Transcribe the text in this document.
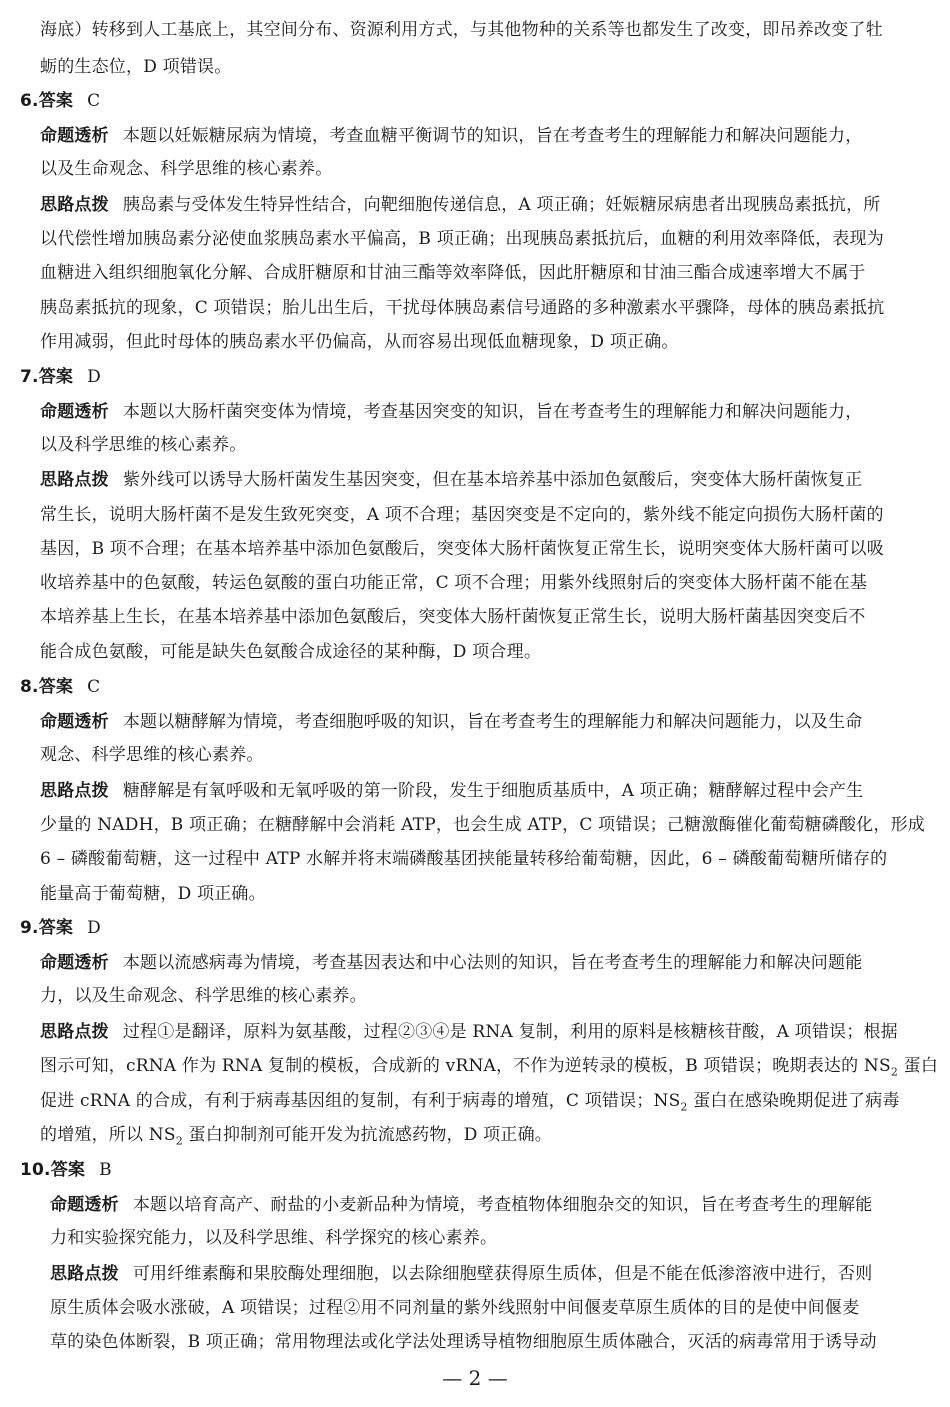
海底）转移到人工基底上，其空间分布、资源利用方式，与其他物种的关系等也都发生了改变，即吊养改变了牡
蛎的生态位，D 项错误。
6.答案 C
命题透析 本题以妊娠糖尿病为情境，考查血糖平衡调节的知识，旨在考查考生的理解能力和解决问题能力，
以及生命观念、科学思维的核心素养。
思路点拨 胰岛素与受体发生特异性结合，向靶细胞传递信息，A 项正确；妊娠糖尿病患者出现胰岛素抵抗，所
以代偿性增加胰岛素分泌使血浆胰岛素水平偏高，B 项正确；出现胰岛素抵抗后，血糖的利用效率降低，表现为
血糖进入组织细胞氧化分解、合成肝糖原和甘油三酯等效率降低，因此肝糖原和甘油三酯合成速率增大不属于
胰岛素抵抗的现象，C 项错误；胎儿出生后，干扰母体胰岛素信号通路的多种激素水平骤降，母体的胰岛素抵抗
作用减弱，但此时母体的胰岛素水平仍偏高，从而容易出现低血糖现象，D 项正确。
7.答案 D
命题透析 本题以大肠杆菌突变体为情境，考查基因突变的知识，旨在考查考生的理解能力和解决问题能力，
以及科学思维的核心素养。
思路点拨 紫外线可以诱导大肠杆菌发生基因突变，但在基本培养基中添加色氨酸后，突变体大肠杆菌恢复正
常生长，说明大肠杆菌不是发生致死突变，A 项不合理；基因突变是不定向的，紫外线不能定向损伤大肠杆菌的
基因，B 项不合理；在基本培养基中添加色氨酸后，突变体大肠杆菌恢复正常生长，说明突变体大肠杆菌可以吸
收培养基中的色氨酸，转运色氨酸的蛋白功能正常，C 项不合理；用紫外线照射后的突变体大肠杆菌不能在基
本培养基上生长，在基本培养基中添加色氨酸后，突变体大肠杆菌恢复正常生长，说明大肠杆菌基因突变后不
能合成色氨酸，可能是缺失色氨酸合成途径的某种酶，D 项合理。
8.答案 C
命题透析 本题以糖酵解为情境，考查细胞呼吸的知识，旨在考查考生的理解能力和解决问题能力，以及生命
观念、科学思维的核心素养。
思路点拨 糖酵解是有氧呼吸和无氧呼吸的第一阶段，发生于细胞质基质中，A 项正确；糖酵解过程中会产生
少量的 NADH，B 项正确；在糖酵解中会消耗 ATP，也会生成 ATP，C 项错误；己糖激酶催化葡萄糖磷酸化，形成
6 – 磷酸葡萄糖，这一过程中 ATP 水解并将末端磷酸基团挟能量转移给葡萄糖，因此，6 – 磷酸葡萄糖所储存的
能量高于葡萄糖，D 项正确。
9.答案 D
命题透析 本题以流感病毒为情境，考查基因表达和中心法则的知识，旨在考查考生的理解能力和解决问题能
力，以及生命观念、科学思维的核心素养。
思路点拨 过程①是翻译，原料为氨基酸，过程②③④是 RNA 复制，利用的原料是核糖核苷酸，A 项错误；根据
图示可知，cRNA 作为 RNA 复制的模板，合成新的 vRNA，不作为逆转录的模板，B 项错误；晚期表达的 $NS_2$ 蛋白
促进 cRNA 的合成，有利于病毒基因组的复制，有利于病毒的增殖，C 项错误；$NS_2$ 蛋白在感染晚期促进了病毒
的增殖，所以 $NS_2$ 蛋白抑制剂可能开发为抗流感药物，D 项正确。
10.答案 B
命题透析 本题以培育高产、耐盐的小麦新品种为情境，考查植物体细胞杂交的知识，旨在考查考生的理解能
力和实验探究能力，以及科学思维、科学探究的核心素养。
思路点拨 可用纤维素酶和果胶酶处理细胞，以去除细胞壁获得原生质体，但是不能在低渗溶液中进行，否则
原生质体会吸水涨破，A 项错误；过程②用不同剂量的紫外线照射中间偃麦草原生质体的目的是使中间偃麦
草的染色体断裂，B 项正确；常用物理法或化学法处理诱导植物细胞原生质体融合，灭活的病毒常用于诱导动
— 2 —
